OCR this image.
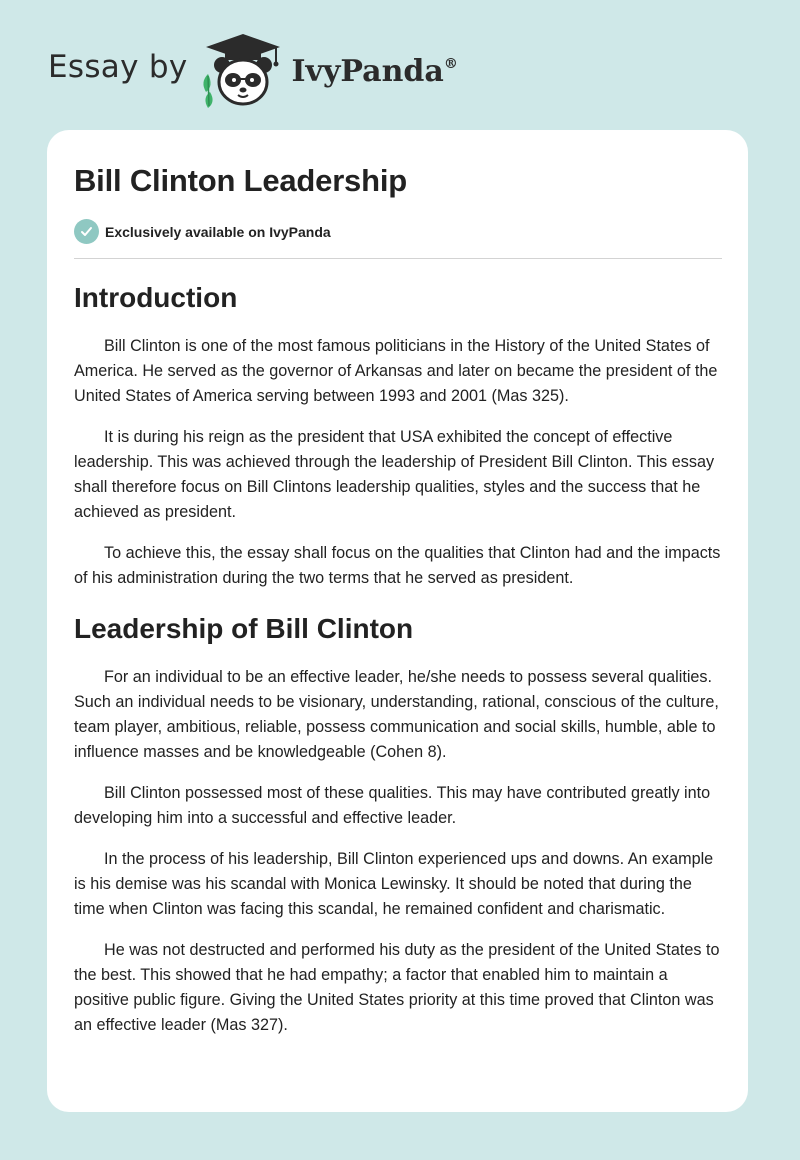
Essay by	IvyPanda®
Bill Clinton Leadership
Exclusively available on IvyPanda
Introduction

Bill Clinton is one of the most famous politicians in the History of the United States of America. He served as the governor of Arkansas and later on became the president of the United States of America serving between 1993 and 2001 (Mas 325).

It is during his reign as the president that USA exhibited the concept of effective leadership. This was achieved through the leadership of President Bill Clinton. This essay shall therefore focus on Bill Clintons leadership qualities, styles and the success that he achieved as president.

To achieve this, the essay shall focus on the qualities that Clinton had and the impacts of his administration during the two terms that he served as president.

Leadership of Bill Clinton

For an individual to be an effective leader, he/she needs to possess several qualities. Such an individual needs to be visionary, understanding, rational, conscious of the culture, team player, ambitious, reliable, possess communication and social skills, humble, able to influence masses and be knowledgeable (Cohen 8).

Bill Clinton possessed most of these qualities. This may have contributed greatly into developing him into a successful and effective leader.

In the process of his leadership, Bill Clinton experienced ups and downs. An example is his demise was his scandal with Monica Lewinsky. It should be noted that during the time when Clinton was facing this scandal, he remained confident and charismatic.

He was not destructed and performed his duty as the president of the United States to the best. This showed that he had empathy; a factor that enabled him to maintain a positive public figure. Giving the United States priority at this time proved that Clinton was an effective leader (Mas 327).
